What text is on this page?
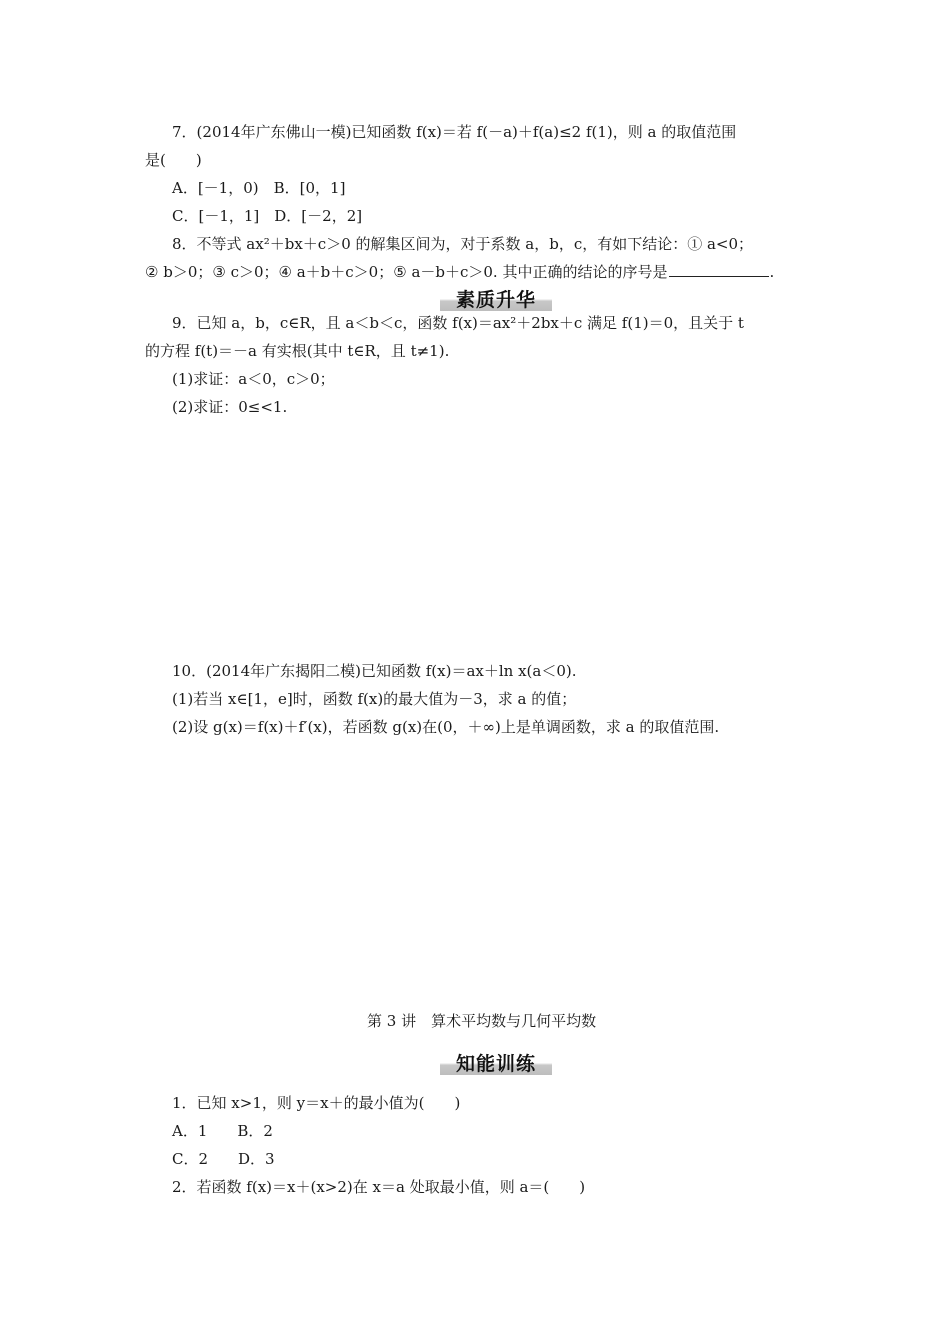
7．(2014年广东佛山一模)已知函数 f(x)＝若 f(－a)＋f(a)≤2 f(1)，则 a 的取值范围
是(　　)
A．[－1，0)　B．[0，1]
C．[－1，1]　D．[－2，2]
8．不等式 ax²＋bx＋c＞0 的解集区间为，对于系数 a，b，c，有如下结论：① a<0；
② b＞0；③ c＞0；④ a＋b＋c＞0；⑤ a－b＋c＞0. 其中正确的结论的序号是	.
素质升华
9．已知 a，b，c∈R，且 a＜b＜c，函数 f(x)＝ax²＋2bx＋c 满足 f(1)＝0，且关于 t
的方程 f(t)＝－a 有实根(其中 t∈R，且 t≠1).
(1)求证：a＜0，c＞0；
(2)求证：0≤<1.
10．(2014年广东揭阳二模)已知函数 f(x)＝ax＋ln x(a＜0).
(1)若当 x∈[1，e]时，函数 f(x)的最大值为－3，求 a 的值；
(2)设 g(x)＝f(x)＋f′(x)，若函数 g(x)在(0，＋∞)上是单调函数，求 a 的取值范围.
第 3 讲　算术平均数与几何平均数
知能训练
1．已知 x>1，则 y＝x＋的最小值为(　　)
A．1　　B．2
C．2　　D．3
2．若函数 f(x)＝x＋(x>2)在 x＝a 处取最小值，则 a＝(　　)
